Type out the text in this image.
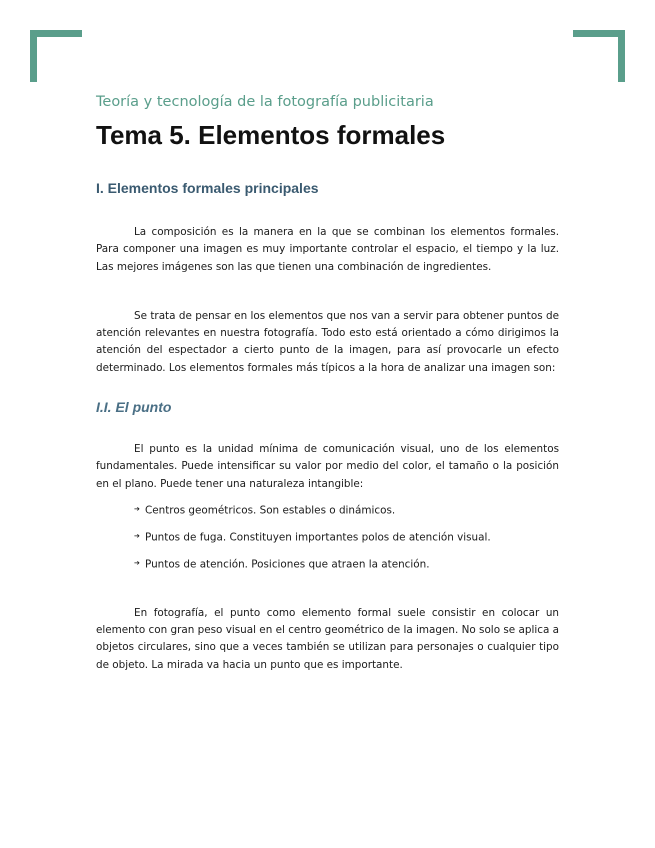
Teoría y tecnología de la fotografía publicitaria

Tema 5. Elementos formales
I. Elementos formales principales

La composición es la manera en la que se combinan los elementos formales. Para componer una imagen es muy importante controlar el espacio, el tiempo y la luz. Las mejores imágenes son las que tienen una combinación de ingredientes.

Se trata de pensar en los elementos que nos van a servir para obtener puntos de atención relevantes en nuestra fotografía. Todo esto está orientado a cómo dirigimos la atención del espectador a cierto punto de la imagen, para así provocarle un efecto determinado. Los elementos formales más típicos a la hora de analizar una imagen son:

I.I. El punto

El punto es la unidad mínima de comunicación visual, uno de los elementos fundamentales. Puede intensificar su valor por medio del color, el tamaño o la posición en el plano. Puede tener una naturaleza intangible:

➔ Centros geométricos. Son estables o dinámicos.
➔ Puntos de fuga. Constituyen importantes polos de atención visual.
➔ Puntos de atención. Posiciones que atraen la atención.

En fotografía, el punto como elemento formal suele consistir en colocar un elemento con gran peso visual en el centro geométrico de la imagen. No solo se aplica a objetos circulares, sino que a veces también se utilizan para personajes o cualquier tipo de objeto. La mirada va hacia un punto que es importante.
